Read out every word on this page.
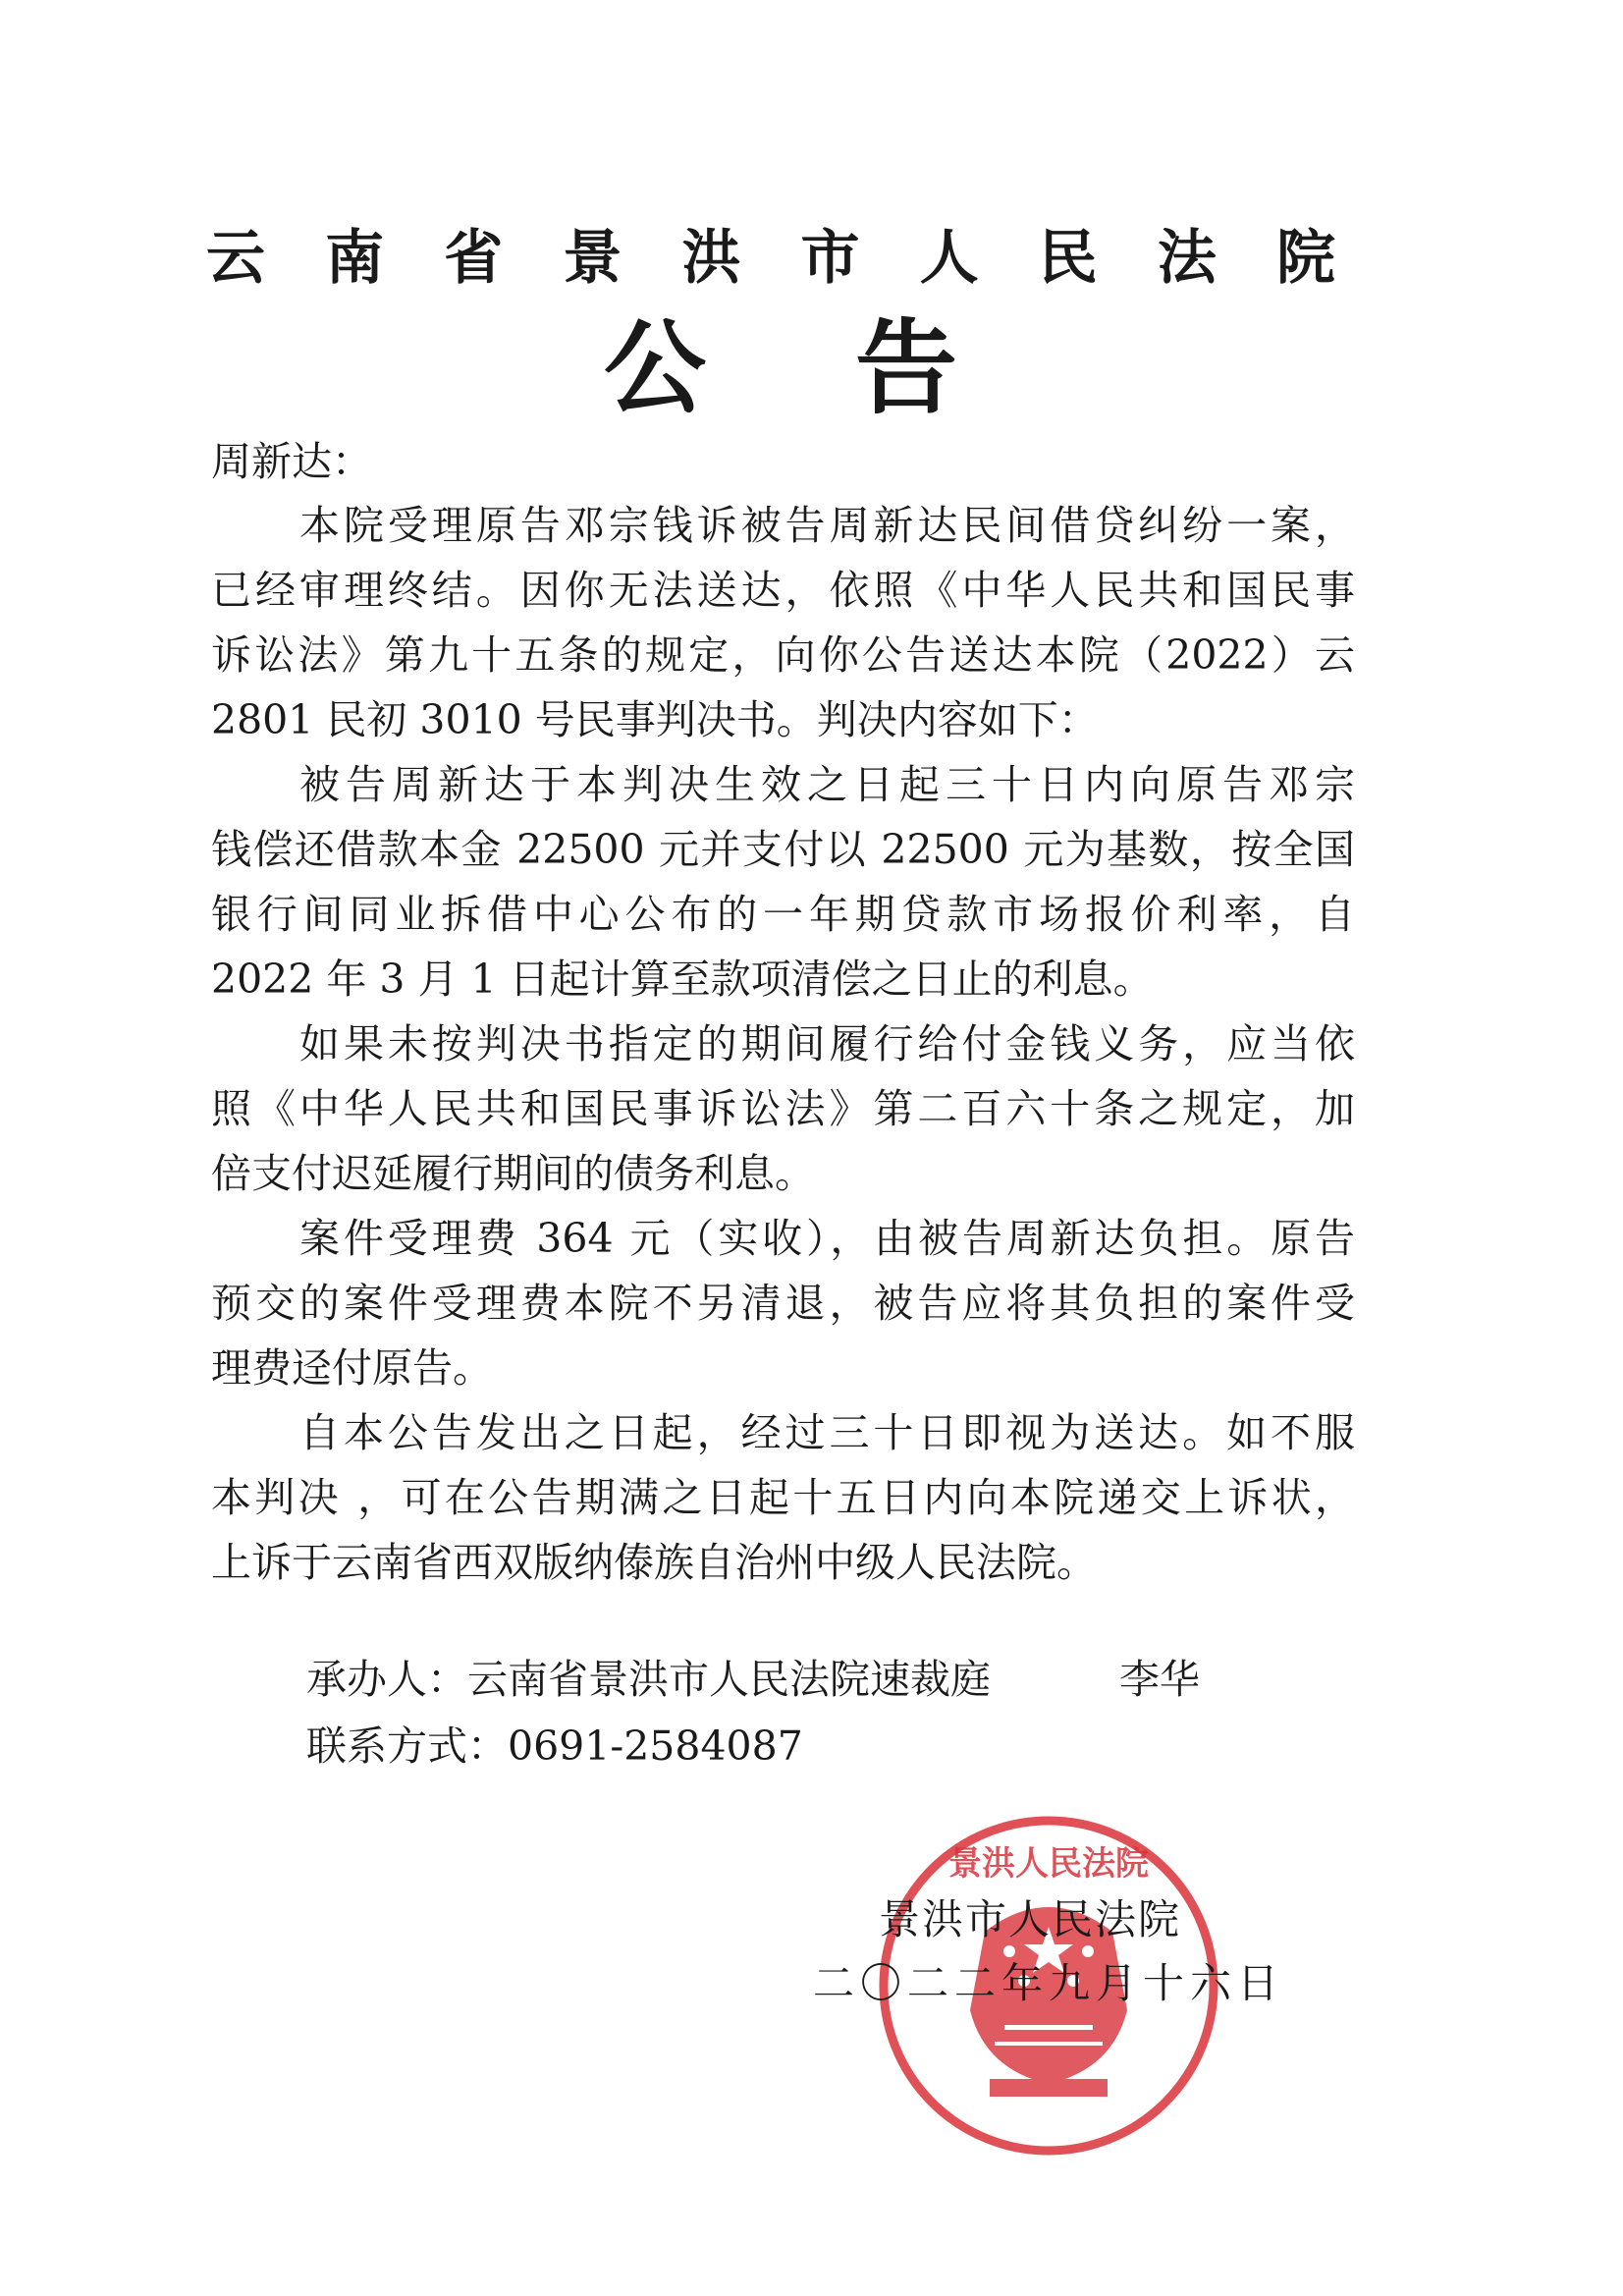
云南省景洪市人民法院
公告
周新达：
本院受理原告邓宗钱诉被告周新达民间借贷纠纷一案，
已经审理终结。因你无法送达，依照《中华人民共和国民事
诉讼法》第九十五条的规定，向你公告送达本院（2022）云
2801 民初 3010 号民事判决书。判决内容如下：
被告周新达于本判决生效之日起三十日内向原告邓宗
钱偿还借款本金 22500 元并支付以 22500 元为基数，按全国
银行间同业拆借中心公布的一年期贷款市场报价利率，自
2022 年 3 月 1 日起计算至款项清偿之日止的利息。
如果未按判决书指定的期间履行给付金钱义务，应当依
照《中华人民共和国民事诉讼法》第二百六十条之规定，加
倍支付迟延履行期间的债务利息。
案件受理费 364 元（实收），由被告周新达负担。原告
预交的案件受理费本院不另清退，被告应将其负担的案件受
理费迳付原告。
自本公告发出之日起，经过三十日即视为送达。如不服
本判决 ，可在公告期满之日起十五日内向本院递交上诉状，
上诉于云南省西双版纳傣族自治州中级人民法院。
承办人：云南省景洪市人民法院速裁庭	李华
联系方式：0691-2584087
景洪人民法院
景洪市人民法院
二〇二二年九月十六日
